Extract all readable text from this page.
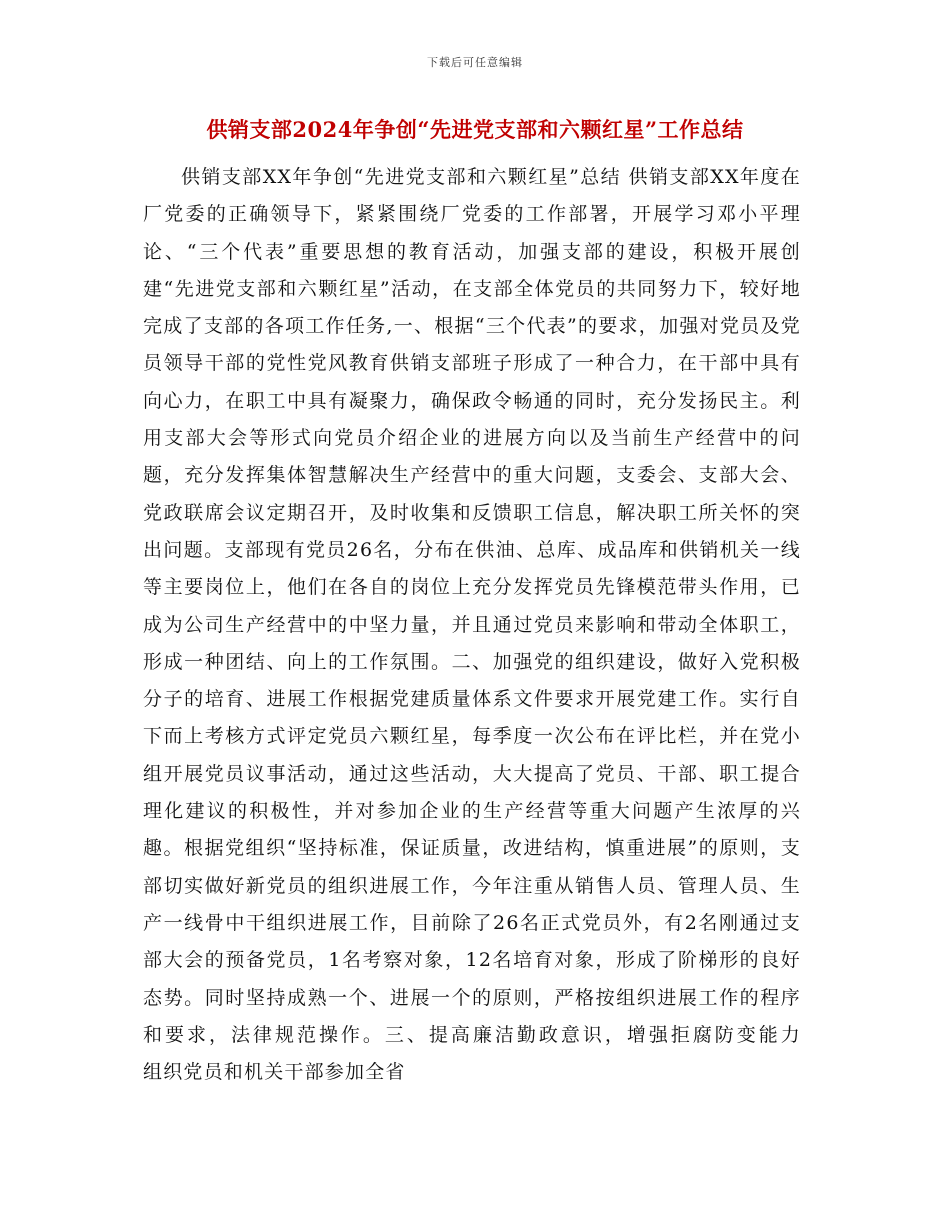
下载后可任意编辑
供销支部2024年争创“先进党支部和六颗红星”工作总结

供销支部XX年争创“先进党支部和六颗红星”总结 供销支部XX年度在厂党委的正确领导下，紧紧围绕厂党委的工作部署，开展学习邓小平理论、“三个代表”重要思想的教育活动，加强支部的建设，积极开展创建“先进党支部和六颗红星”活动，在支部全体党员的共同努力下，较好地完成了支部的各项工作任务,一、根据“三个代表”的要求，加强对党员及党员领导干部的党性党风教育供销支部班子形成了一种合力，在干部中具有向心力，在职工中具有凝聚力，确保政令畅通的同时，充分发扬民主。利用支部大会等形式向党员介绍企业的进展方向以及当前生产经营中的问题，充分发挥集体智慧解决生产经营中的重大问题，支委会、支部大会、党政联席会议定期召开，及时收集和反馈职工信息，解决职工所关怀的突出问题。支部现有党员26名，分布在供油、总库、成品库和供销机关一线等主要岗位上，他们在各自的岗位上充分发挥党员先锋模范带头作用，已成为公司生产经营中的中坚力量，并且通过党员来影响和带动全体职工，形成一种团结、向上的工作氛围。二、加强党的组织建设，做好入党积极分子的培育、进展工作根据党建质量体系文件要求开展党建工作。实行自下而上考核方式评定党员六颗红星，每季度一次公布在评比栏，并在党小组开展党员议事活动，通过这些活动，大大提高了党员、干部、职工提合理化建议的积极性，并对参加企业的生产经营等重大问题产生浓厚的兴趣。根据党组织“坚持标准，保证质量，改进结构，慎重进展”的原则，支部切实做好新党员的组织进展工作，今年注重从销售人员、管理人员、生产一线骨中干组织进展工作，目前除了26名正式党员外，有2名刚通过支部大会的预备党员，1名考察对象，12名培育对象，形成了阶梯形的良好态势。同时坚持成熟一个、进展一个的原则，严格按组织进展工作的程序和要求，法律规范操作。三、提高廉洁勤政意识，增强拒腐防变能力　　组织党员和机关干部参加全省
